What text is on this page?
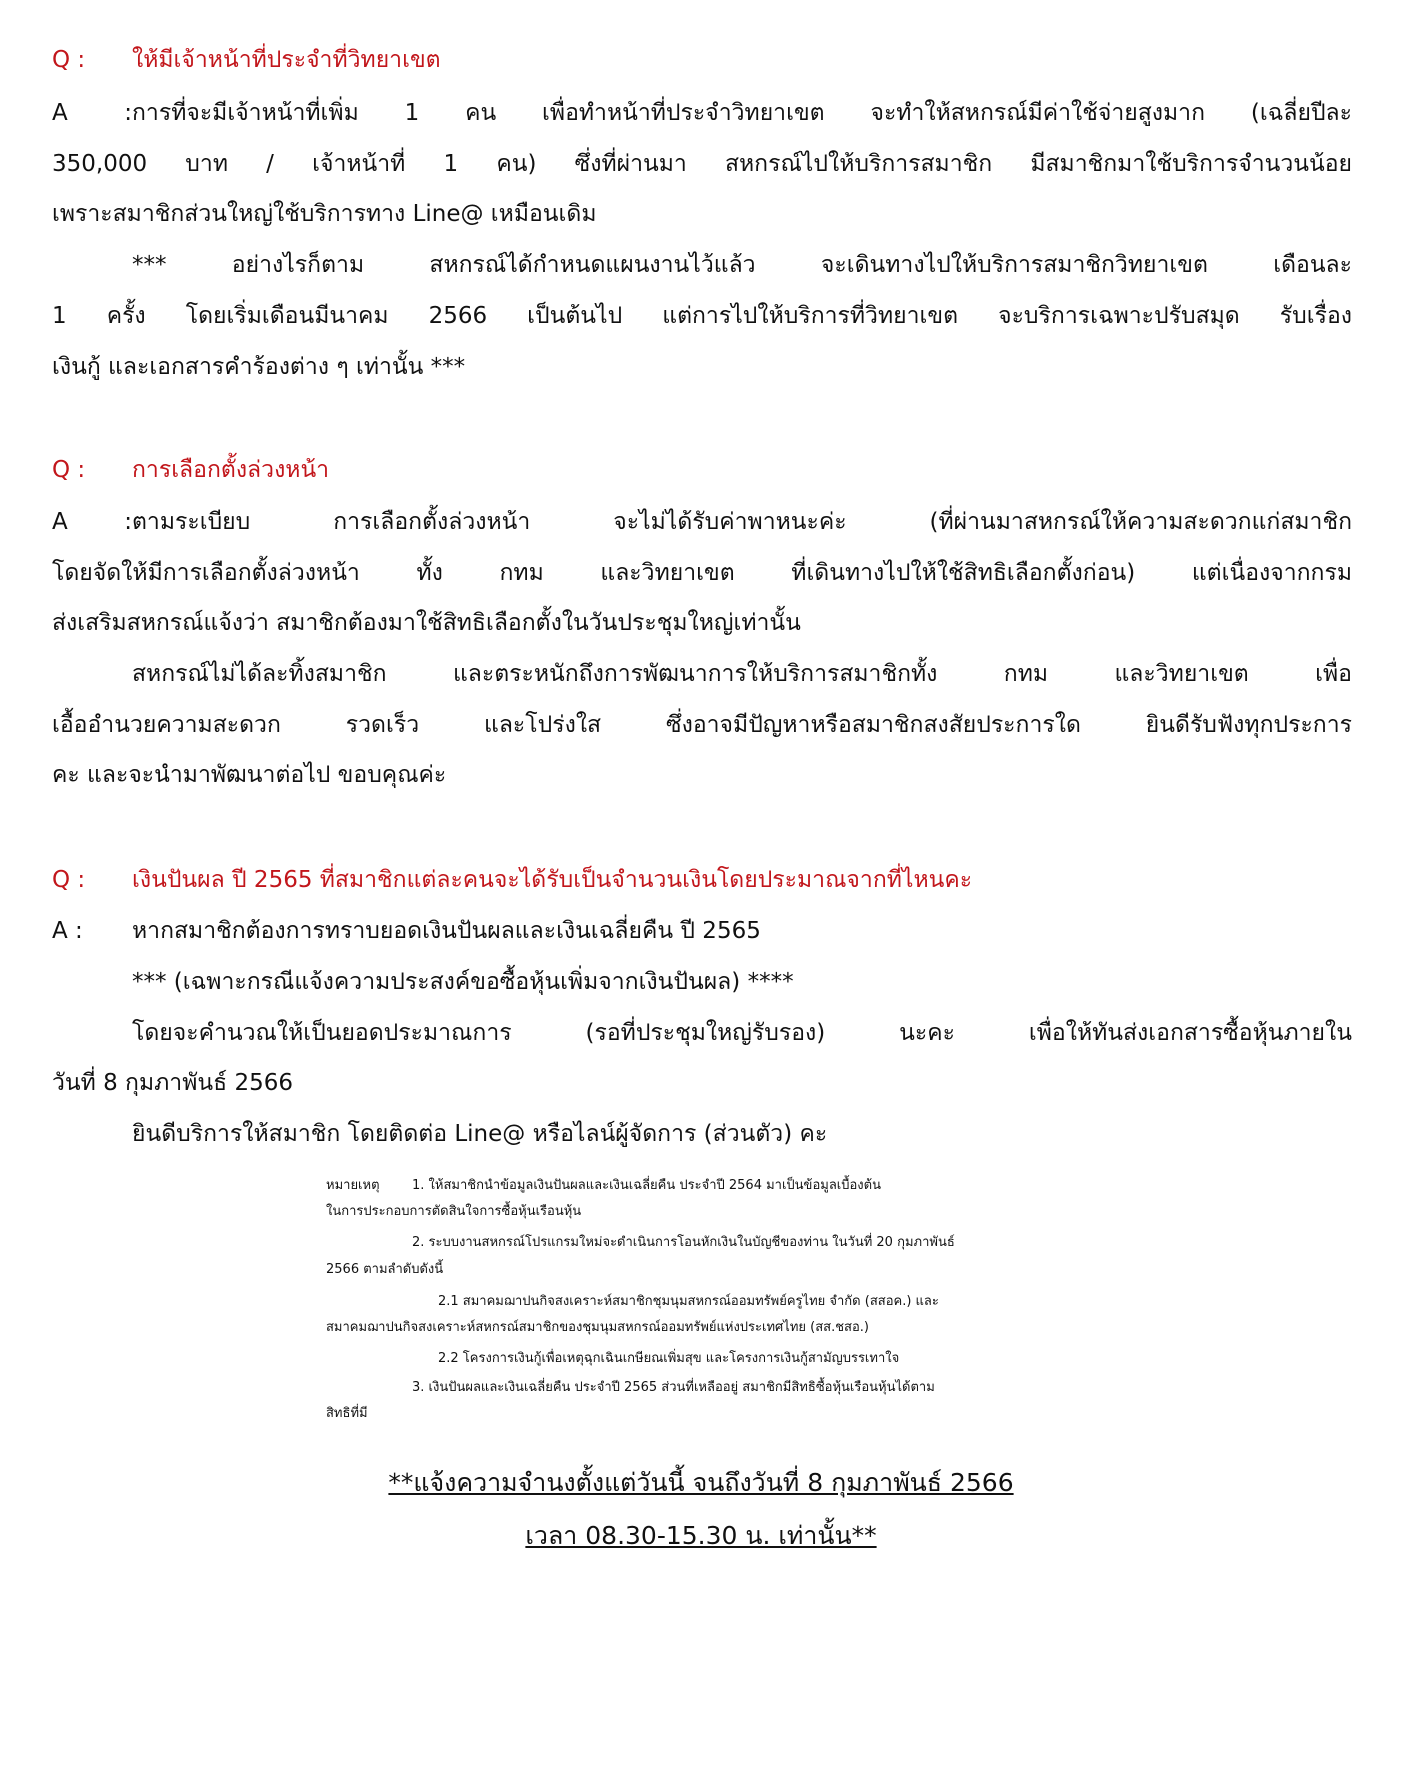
Q : ให้มีเจ้าหน้าที่ประจำที่วิทยาเขต
A :การที่จะมีเจ้าหน้าที่เพิ่ม 1 คน เพื่อทำหน้าที่ประจำวิทยาเขต จะทำให้สหกรณ์มีค่าใช้จ่ายสูงมาก (เฉลี่ยปีละ
350,000 บาท / เจ้าหน้าที่ 1 คน) ซึ่งที่ผ่านมา สหกรณ์ไปให้บริการสมาชิก มีสมาชิกมาใช้บริการจำนวนน้อย
เพราะสมาชิกส่วนใหญ่ใช้บริการทาง Line@ เหมือนเดิม
*** อย่างไรก็ตาม สหกรณ์ได้กำหนดแผนงานไว้แล้ว จะเดินทางไปให้บริการสมาชิกวิทยาเขต เดือนละ
1 ครั้ง โดยเริ่มเดือนมีนาคม 2566 เป็นต้นไป แต่การไปให้บริการที่วิทยาเขต จะบริการเฉพาะปรับสมุด รับเรื่อง
เงินกู้ และเอกสารคำร้องต่าง ๆ เท่านั้น ***
Q : การเลือกตั้งล่วงหน้า
A :ตามระเบียบ การเลือกตั้งล่วงหน้า จะไม่ได้รับค่าพาหนะค่ะ (ที่ผ่านมาสหกรณ์ให้ความสะดวกแก่สมาชิก
โดยจัดให้มีการเลือกตั้งล่วงหน้า ทั้ง กทม และวิทยาเขต ที่เดินทางไปให้ใช้สิทธิเลือกตั้งก่อน) แต่เนื่องจากกรม
ส่งเสริมสหกรณ์แจ้งว่า สมาชิกต้องมาใช้สิทธิเลือกตั้งในวันประชุมใหญ่เท่านั้น
สหกรณ์ไม่ได้ละทิ้งสมาชิก และตระหนักถึงการพัฒนาการให้บริการสมาชิกทั้ง กทม และวิทยาเขต เพื่อ
เอื้ออำนวยความสะดวก รวดเร็ว และโปร่งใส ซึ่งอาจมีปัญหาหรือสมาชิกสงสัยประการใด ยินดีรับฟังทุกประการ
คะ และจะนำมาพัฒนาต่อไป ขอบคุณค่ะ
Q : เงินปันผล ปี 2565 ที่สมาชิกแต่ละคนจะได้รับเป็นจำนวนเงินโดยประมาณจากที่ไหนคะ
A : หากสมาชิกต้องการทราบยอดเงินปันผลและเงินเฉลี่ยคืน ปี 2565
*** (เฉพาะกรณีแจ้งความประสงค์ขอซื้อหุ้นเพิ่มจากเงินปันผล) ****
โดยจะคำนวณให้เป็นยอดประมาณการ (รอที่ประชุมใหญ่รับรอง) นะคะ เพื่อให้ทันส่งเอกสารซื้อหุ้นภายใน
วันที่ 8 กุมภาพันธ์ 2566
ยินดีบริการให้สมาชิก โดยติดต่อ Line@ หรือไลน์ผู้จัดการ (ส่วนตัว) คะ
หมายเหตุ 1. ให้สมาชิกนำข้อมูลเงินปันผลและเงินเฉลี่ยคืน ประจำปี 2564 มาเป็นข้อมูลเบื้องต้น
ในการประกอบการตัดสินใจการซื้อหุ้นเรือนหุ้น
2. ระบบงานสหกรณ์โปรแกรมใหม่จะดำเนินการโอนหักเงินในบัญชีของท่าน ในวันที่ 20 กุมภาพันธ์
2566 ตามลำดับดังนี้
2.1 สมาคมฌาปนกิจสงเคราะห์สมาชิกชุมนุมสหกรณ์ออมทรัพย์ครูไทย จำกัด (สสอค.) และ
สมาคมฌาปนกิจสงเคราะห์สหกรณ์สมาชิกของชุมนุมสหกรณ์ออมทรัพย์แห่งประเทศไทย (สส.ชสอ.)
2.2 โครงการเงินกู้เพื่อเหตุฉุกเฉินเกษียณเพิ่มสุข และโครงการเงินกู้สามัญบรรเทาใจ
3. เงินปันผลและเงินเฉลี่ยคืน ประจำปี 2565 ส่วนที่เหลืออยู่ สมาชิกมีสิทธิซื้อหุ้นเรือนหุ้นได้ตาม
สิทธิที่มี
**แจ้งความจำนงตั้งแต่วันนี้ จนถึงวันที่ 8 กุมภาพันธ์ 2566
เวลา 08.30-15.30 น. เท่านั้น**
